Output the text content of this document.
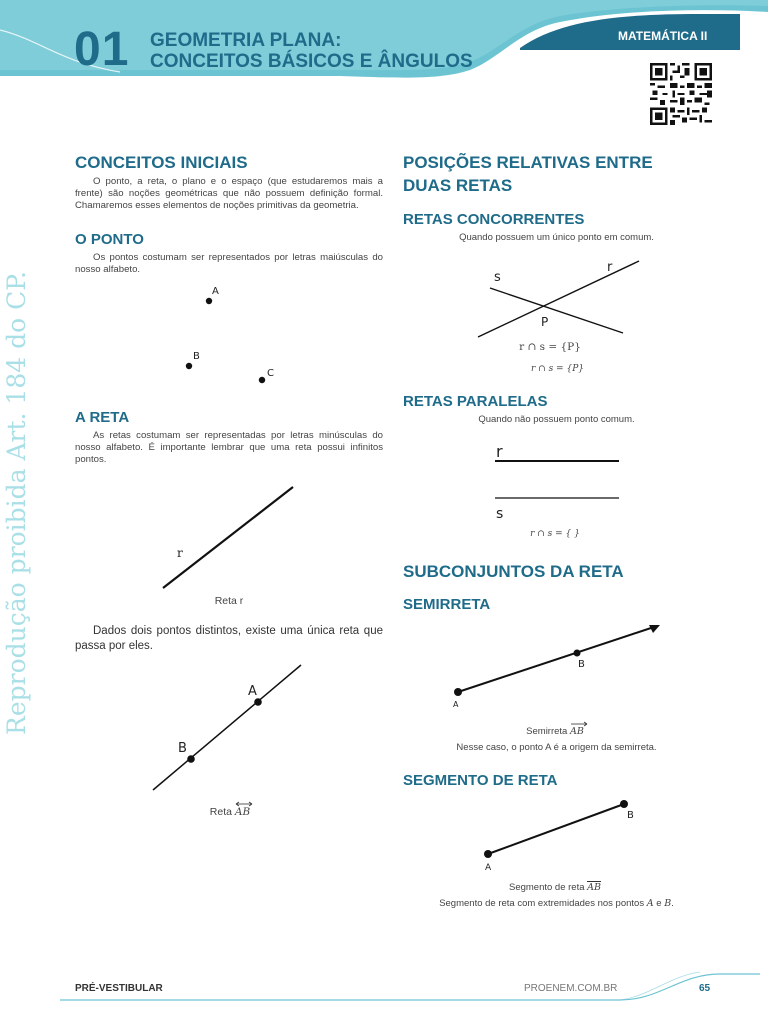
01 GEOMETRIA PLANA:
CONCEITOS BÁSICOS E ÂNGULOS
MATEMÁTICA II
Reprodução proibida Art. 184 do CP.
CONCEITOS INICIAIS
O ponto, a reta, o plano e o espaço (que estudaremos mais a frente) são noções geométricas que não possuem definição formal. Chamaremos esses elementos de noções primitivas da geometria.
O PONTO
Os pontos costumam ser representados por letras maiúsculas do nosso alfabeto.
A
B
C
A RETA
As retas costumam ser representadas por letras minúsculas do nosso alfabeto. É importante lembrar que uma reta possui infinitos pontos.
r
Reta r
Dados dois pontos distintos, existe uma única reta que passa por eles.
A
B
Reta AB
POSIÇÕES RELATIVAS ENTRE
DUAS RETAS
RETAS CONCORRENTES
Quando possuem um único ponto em comum.
s
r
P
r ∩ s = {P}
r ∩ s = {P}
RETAS PARALELAS
Quando não possuem ponto comum.
r
s
r ∩ s = { }
SUBCONJUNTOS DA RETA
SEMIRRETA
A
B
Semirreta AB
Nesse caso, o ponto A é a origem da semirreta.
SEGMENTO DE RETA
A
B
Segmento de reta AB
Segmento de reta com extremidades nos pontos A e B.
PRÉ-VESTIBULAR	PROENEM.COM.BR	65
